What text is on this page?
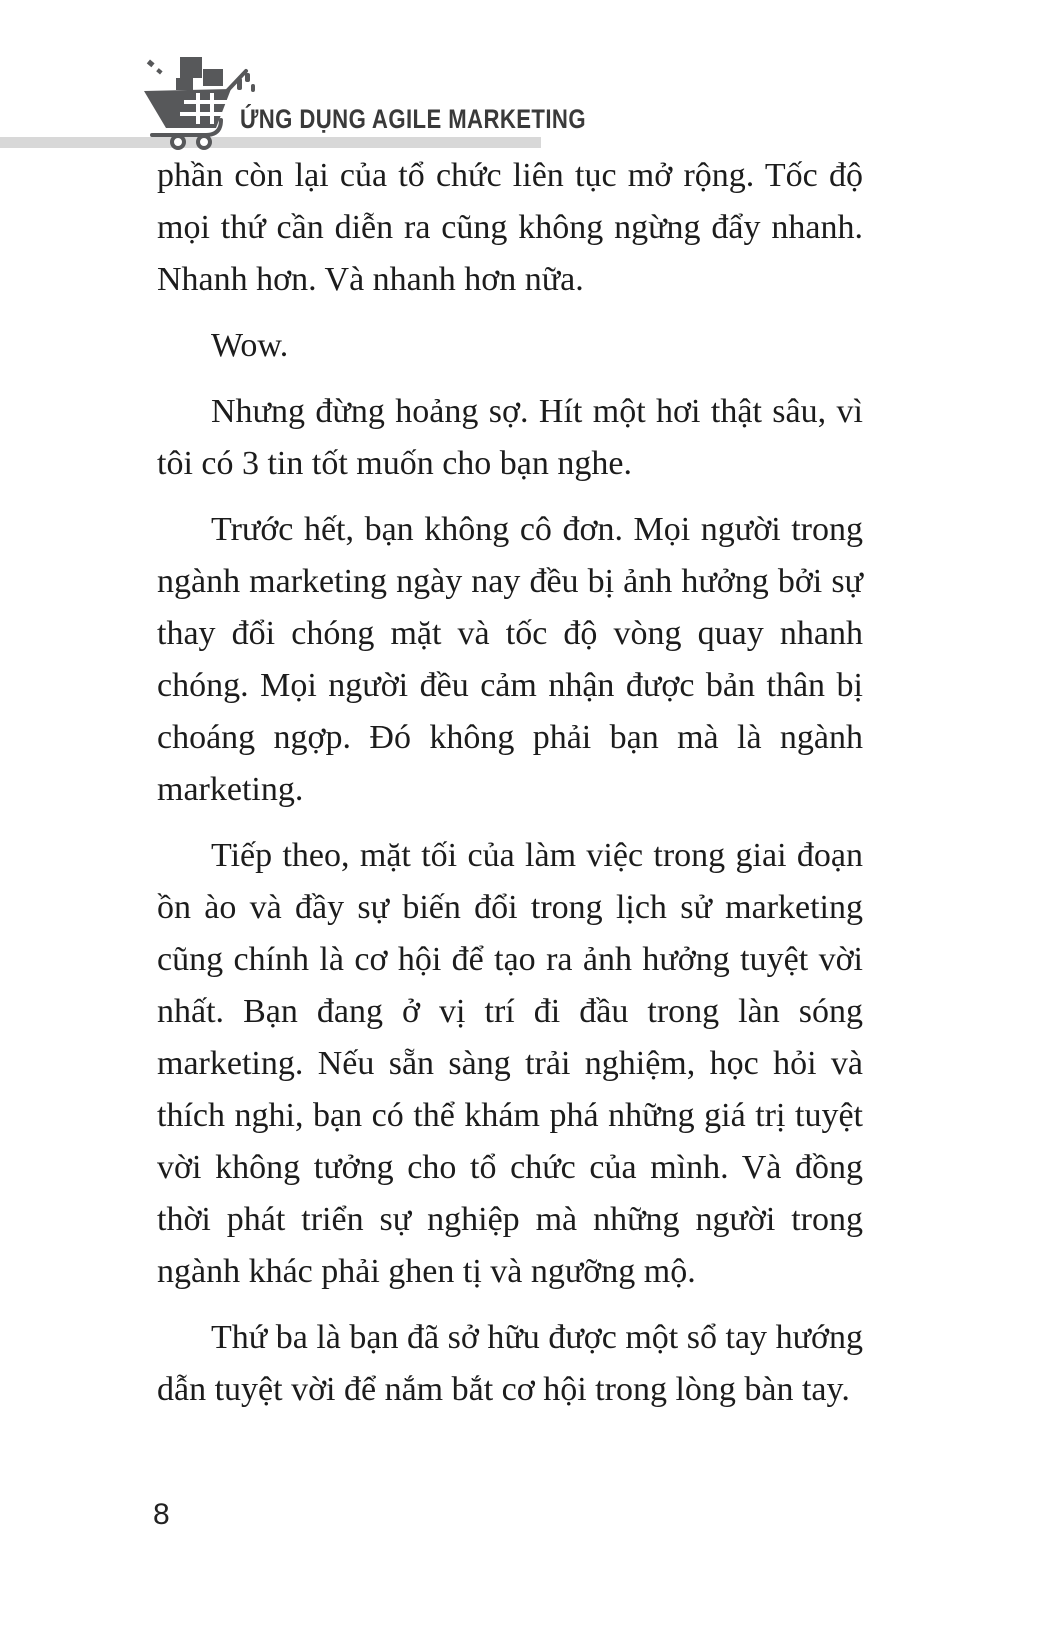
ỨNG DỤNG AGILE MARKETING

phần còn lại của tổ chức liên tục mở rộng. Tốc độ mọi thứ cần diễn ra cũng không ngừng đẩy nhanh. Nhanh hơn. Và nhanh hơn nữa.

Wow.

Nhưng đừng hoảng sợ. Hít một hơi thật sâu, vì tôi có 3 tin tốt muốn cho bạn nghe.

Trước hết, bạn không cô đơn. Mọi người trong ngành marketing ngày nay đều bị ảnh hưởng bởi sự thay đổi chóng mặt và tốc độ vòng quay nhanh chóng. Mọi người đều cảm nhận được bản thân bị choáng ngợp. Đó không phải bạn mà là ngành marketing.

Tiếp theo, mặt tối của làm việc trong giai đoạn ồn ào và đầy sự biến đổi trong lịch sử marketing cũng chính là cơ hội để tạo ra ảnh hưởng tuyệt vời nhất. Bạn đang ở vị trí đi đầu trong làn sóng marketing. Nếu sẵn sàng trải nghiệm, học hỏi và thích nghi, bạn có thể khám phá những giá trị tuyệt vời không tưởng cho tổ chức của mình. Và đồng thời phát triển sự nghiệp mà những người trong ngành khác phải ghen tị và ngưỡng mộ.

Thứ ba là bạn đã sở hữu được một sổ tay hướng dẫn tuyệt vời để nắm bắt cơ hội trong lòng bàn tay.

8
